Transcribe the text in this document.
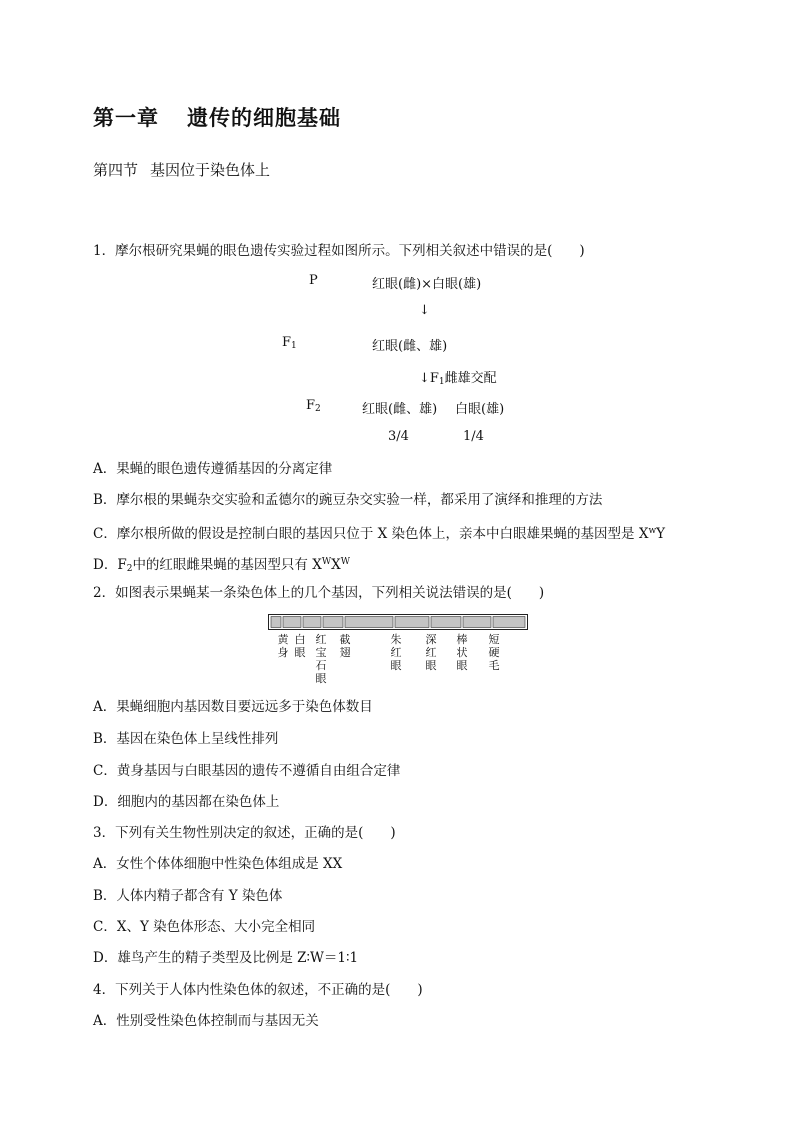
第一章 遗传的细胞基础
第四节 基因位于染色体上
1．摩尔根研究果蝇的眼色遗传实验过程如图所示。下列相关叙述中错误的是(　　)
P	红眼(雌)×白眼(雄)
↓
$F_1$	红眼(雌、雄)
$↓F_1$雌雄交配
$F_2$	红眼(雌、雄) 白眼(雄)
3/4	1/4
A．果蝇的眼色遗传遵循基因的分离定律
B．摩尔根的果蝇杂交实验和孟德尔的豌豆杂交实验一样，都采用了演绎和推理的方法
C．摩尔根所做的假设是控制白眼的基因只位于 X 染色体上，亲本中白眼雄果蝇的基因型是 $X^wY$
D．$F_2$中的红眼雌果蝇的基因型只有 $X^WX^W$
2．如图表示果蝇某一条染色体上的几个基因，下列相关说法错误的是(　　)
黄身
白眼
红宝石眼
截翅
朱红眼
深红眼
棒状眼
短硬毛
A．果蝇细胞内基因数目要远远多于染色体数目
B．基因在染色体上呈线性排列
C．黄身基因与白眼基因的遗传不遵循自由组合定律
D．细胞内的基因都在染色体上
3．下列有关生物性别决定的叙述，正确的是(　　)
A．女性个体体细胞中性染色体组成是 XX
B．人体内精子都含有 Y 染色体
C．X、Y 染色体形态、大小完全相同
D．雄鸟产生的精子类型及比例是 Z∶W＝1∶1
4．下列关于人体内性染色体的叙述，不正确的是(　　)
A．性别受性染色体控制而与基因无关
